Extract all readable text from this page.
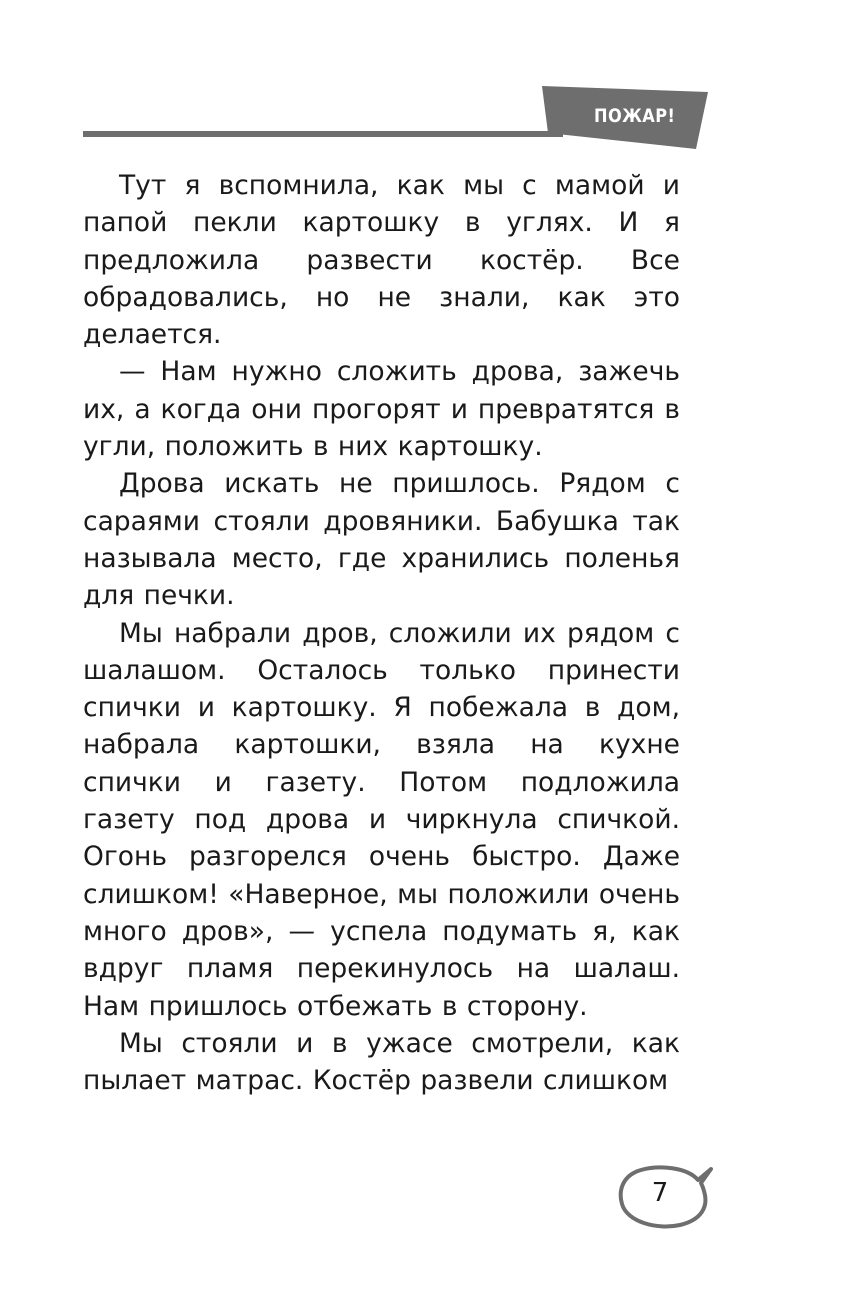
ПОЖАР!

Тут я вспомнила, как мы с мамой и папой пекли картошку в углях. И я предложила развести костёр. Все обрадовались, но не знали, как это делается.

— Нам нужно сложить дрова, зажечь их, а когда они прогорят и превратятся в угли, положить в них картошку.

Дрова искать не пришлось. Рядом с сараями стояли дровяники. Бабушка так называла место, где хранились поленья для печки.

Мы набрали дров, сложили их рядом с шалашом. Осталось только принести спички и картошку. Я побежала в дом, набрала картошки, взяла на кухне спички и газету. Потом подложила газету под дрова и чиркнула спичкой. Огонь разгорелся очень быстро. Даже слишком! «Наверное, мы положили очень много дров», — успела подумать я, как вдруг пламя перекинулось на шалаш. Нам пришлось отбежать в сторону.

Мы стояли и в ужасе смотрели, как пылает матрас. Костёр развели слишком

7
